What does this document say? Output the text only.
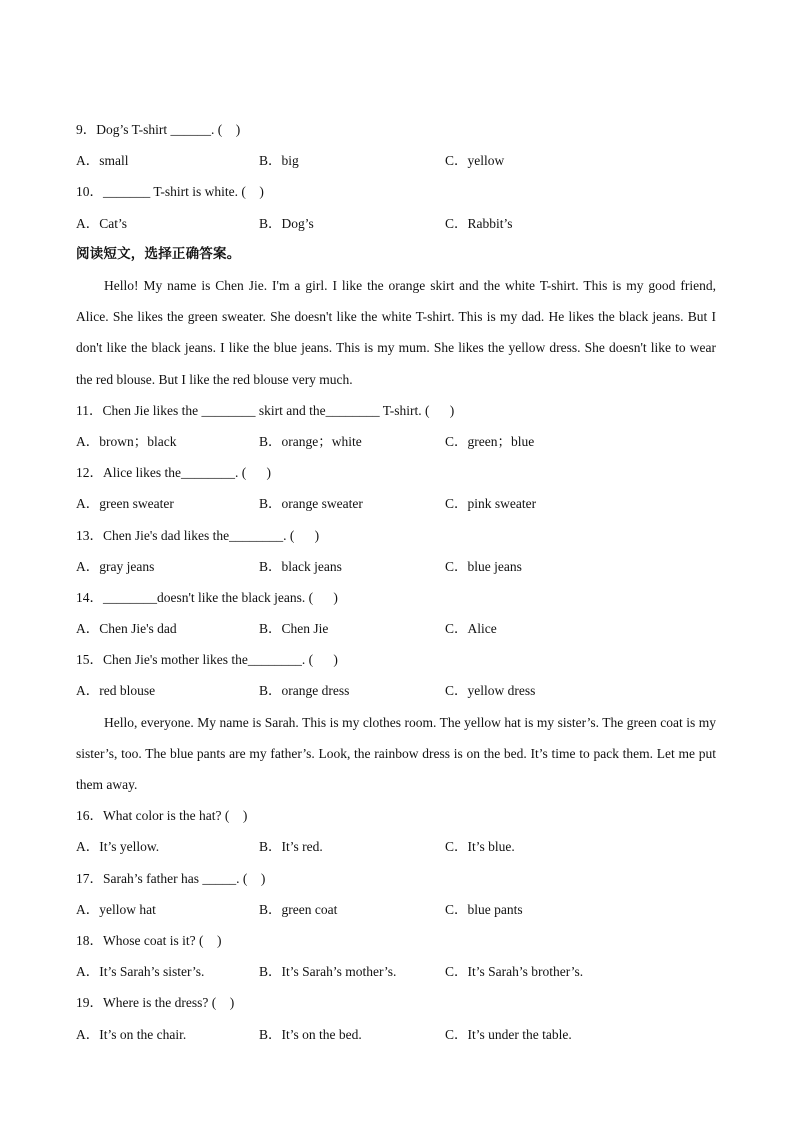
9．Dog’s T-shirt ______. (    )
A．small	B．big	C．yellow
10．_______ T-shirt is white. (    )
A．Cat’s	B．Dog’s	C．Rabbit’s
阅读短文，选择正确答案。
Hello! My name is Chen Jie. I'm a girl. I like the orange skirt and the white T-shirt. This is my good friend, Alice. She likes the green sweater. She doesn't like the white T-shirt. This is my dad. He likes the black jeans. But I don't like the black jeans. I like the blue jeans. This is my mum. She likes the yellow dress. She doesn't like to wear the red blouse. But I like the red blouse very much.
11．Chen Jie likes the ________ skirt and the________ T-shirt. (      )
A．brown；black	B．orange；white	C．green；blue
12．Alice likes the________. (      )
A．green sweater	B．orange sweater	C．pink sweater
13．Chen Jie's dad likes the________. (      )
A．gray jeans	B．black jeans	C．blue jeans
14．________doesn't like the black jeans. (      )
A．Chen Jie's dad	B．Chen Jie	C．Alice
15．Chen Jie's mother likes the________. (      )
A．red blouse	B．orange dress	C．yellow dress
Hello, everyone. My name is Sarah. This is my clothes room. The yellow hat is my sister’s. The green coat is my sister’s, too. The blue pants are my father’s. Look, the rainbow dress is on the bed. It’s time to pack them. Let me put them away.
16．What color is the hat? (    )
A．It’s yellow.	B．It’s red.	C．It’s blue.
17．Sarah’s father has _____. (    )
A．yellow hat	B．green coat	C．blue pants
18．Whose coat is it? (    )
A．It’s Sarah’s sister’s.	B．It’s Sarah’s mother’s.	C．It’s Sarah’s brother’s.
19．Where is the dress? (    )
A．It’s on the chair.	B．It’s on the bed.	C．It’s under the table.
